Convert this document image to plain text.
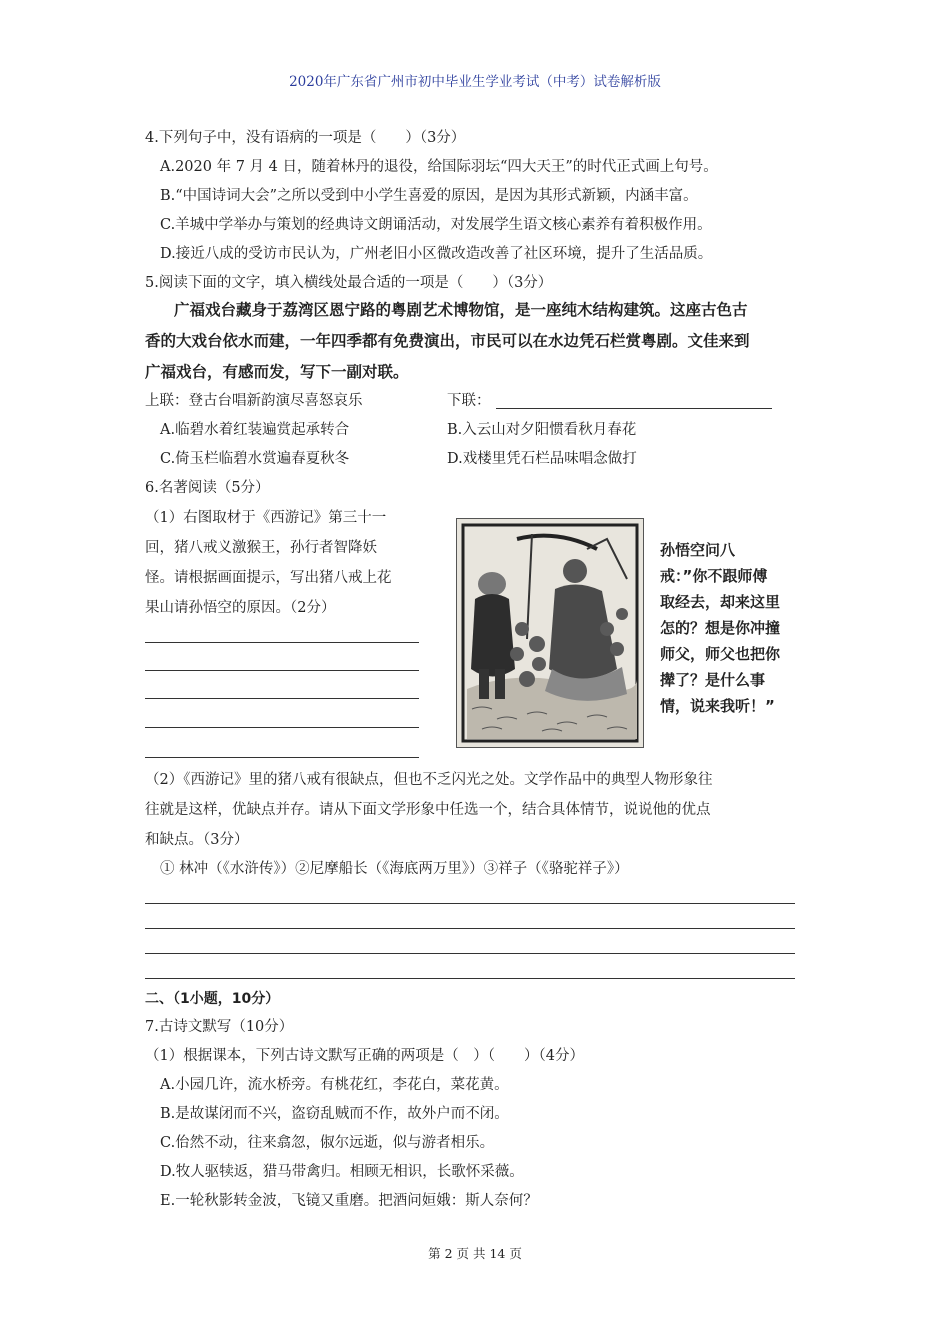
2020年广东省广州市初中毕业生学业考试（中考）试卷解析版
4.下列句子中，没有语病的一项是（　　）（3分）
A.2020 年 7 月 4 日，随着林丹的退役，给国际羽坛“四大天王”的时代正式画上句号。
B.“中国诗词大会”之所以受到中小学生喜爱的原因，是因为其形式新颖，内涵丰富。
C.羊城中学举办与策划的经典诗文朗诵活动，对发展学生语文核心素养有着积极作用。
D.接近八成的受访市民认为，广州老旧小区微改造改善了社区环境，提升了生活品质。
5.阅读下面的文字，填入横线处最合适的一项是（　　）（3分）
广福戏台藏身于荔湾区恩宁路的粤剧艺术博物馆，是一座纯木结构建筑。这座古色古
香的大戏台依水而建，一年四季都有免费演出，市民可以在水边凭石栏赏粤剧。文佳来到
广福戏台，有感而发，写下一副对联。
上联：登古台唱新韵演尽喜怒哀乐	下联：
A.临碧水着红装遍赏起承转合	B.入云山对夕阳惯看秋月春花
C.倚玉栏临碧水赏遍春夏秋冬	D.戏楼里凭石栏品味唱念做打
6.名著阅读（5分）
（1）右图取材于《西游记》第三十一
回，猪八戒义激猴王，孙行者智降妖
怪。请根据画面提示，写出猪八戒上花
果山请孙悟空的原因。（2分）
孙悟空问八
戒：”你不跟师傅
取经去，却来这里
怎的？想是你冲撞
师父，师父也把你
撵了？是什么事
情，说来我听！”
（2）《西游记》里的猪八戒有很缺点，但也不乏闪光之处。文学作品中的典型人物形象往
往就是这样，优缺点并存。请从下面文学形象中任选一个，结合具体情节，说说他的优点
和缺点。（3分）
① 林冲（《水浒传》）②尼摩船长（《海底两万里》）③祥子（《骆驼祥子》）
二、（1小题，10分）
7.古诗文默写（10分）
（1）根据课本，下列古诗文默写正确的两项是（　）（　　）（4分）
A.小园几许，流水桥旁。有桃花红，李花白，菜花黄。
B.是故谋闭而不兴，盗窃乱贼而不作，故外户而不闭。
C.佁然不动，往来翕忽，俶尔远逝，似与游者相乐。
D.牧人驱犊返，猎马带禽归。相顾无相识，长歌怀采薇。
E.一轮秋影转金波，飞镜又重磨。把酒问姮娥：斯人奈何？
第 2 页 共 14 页
